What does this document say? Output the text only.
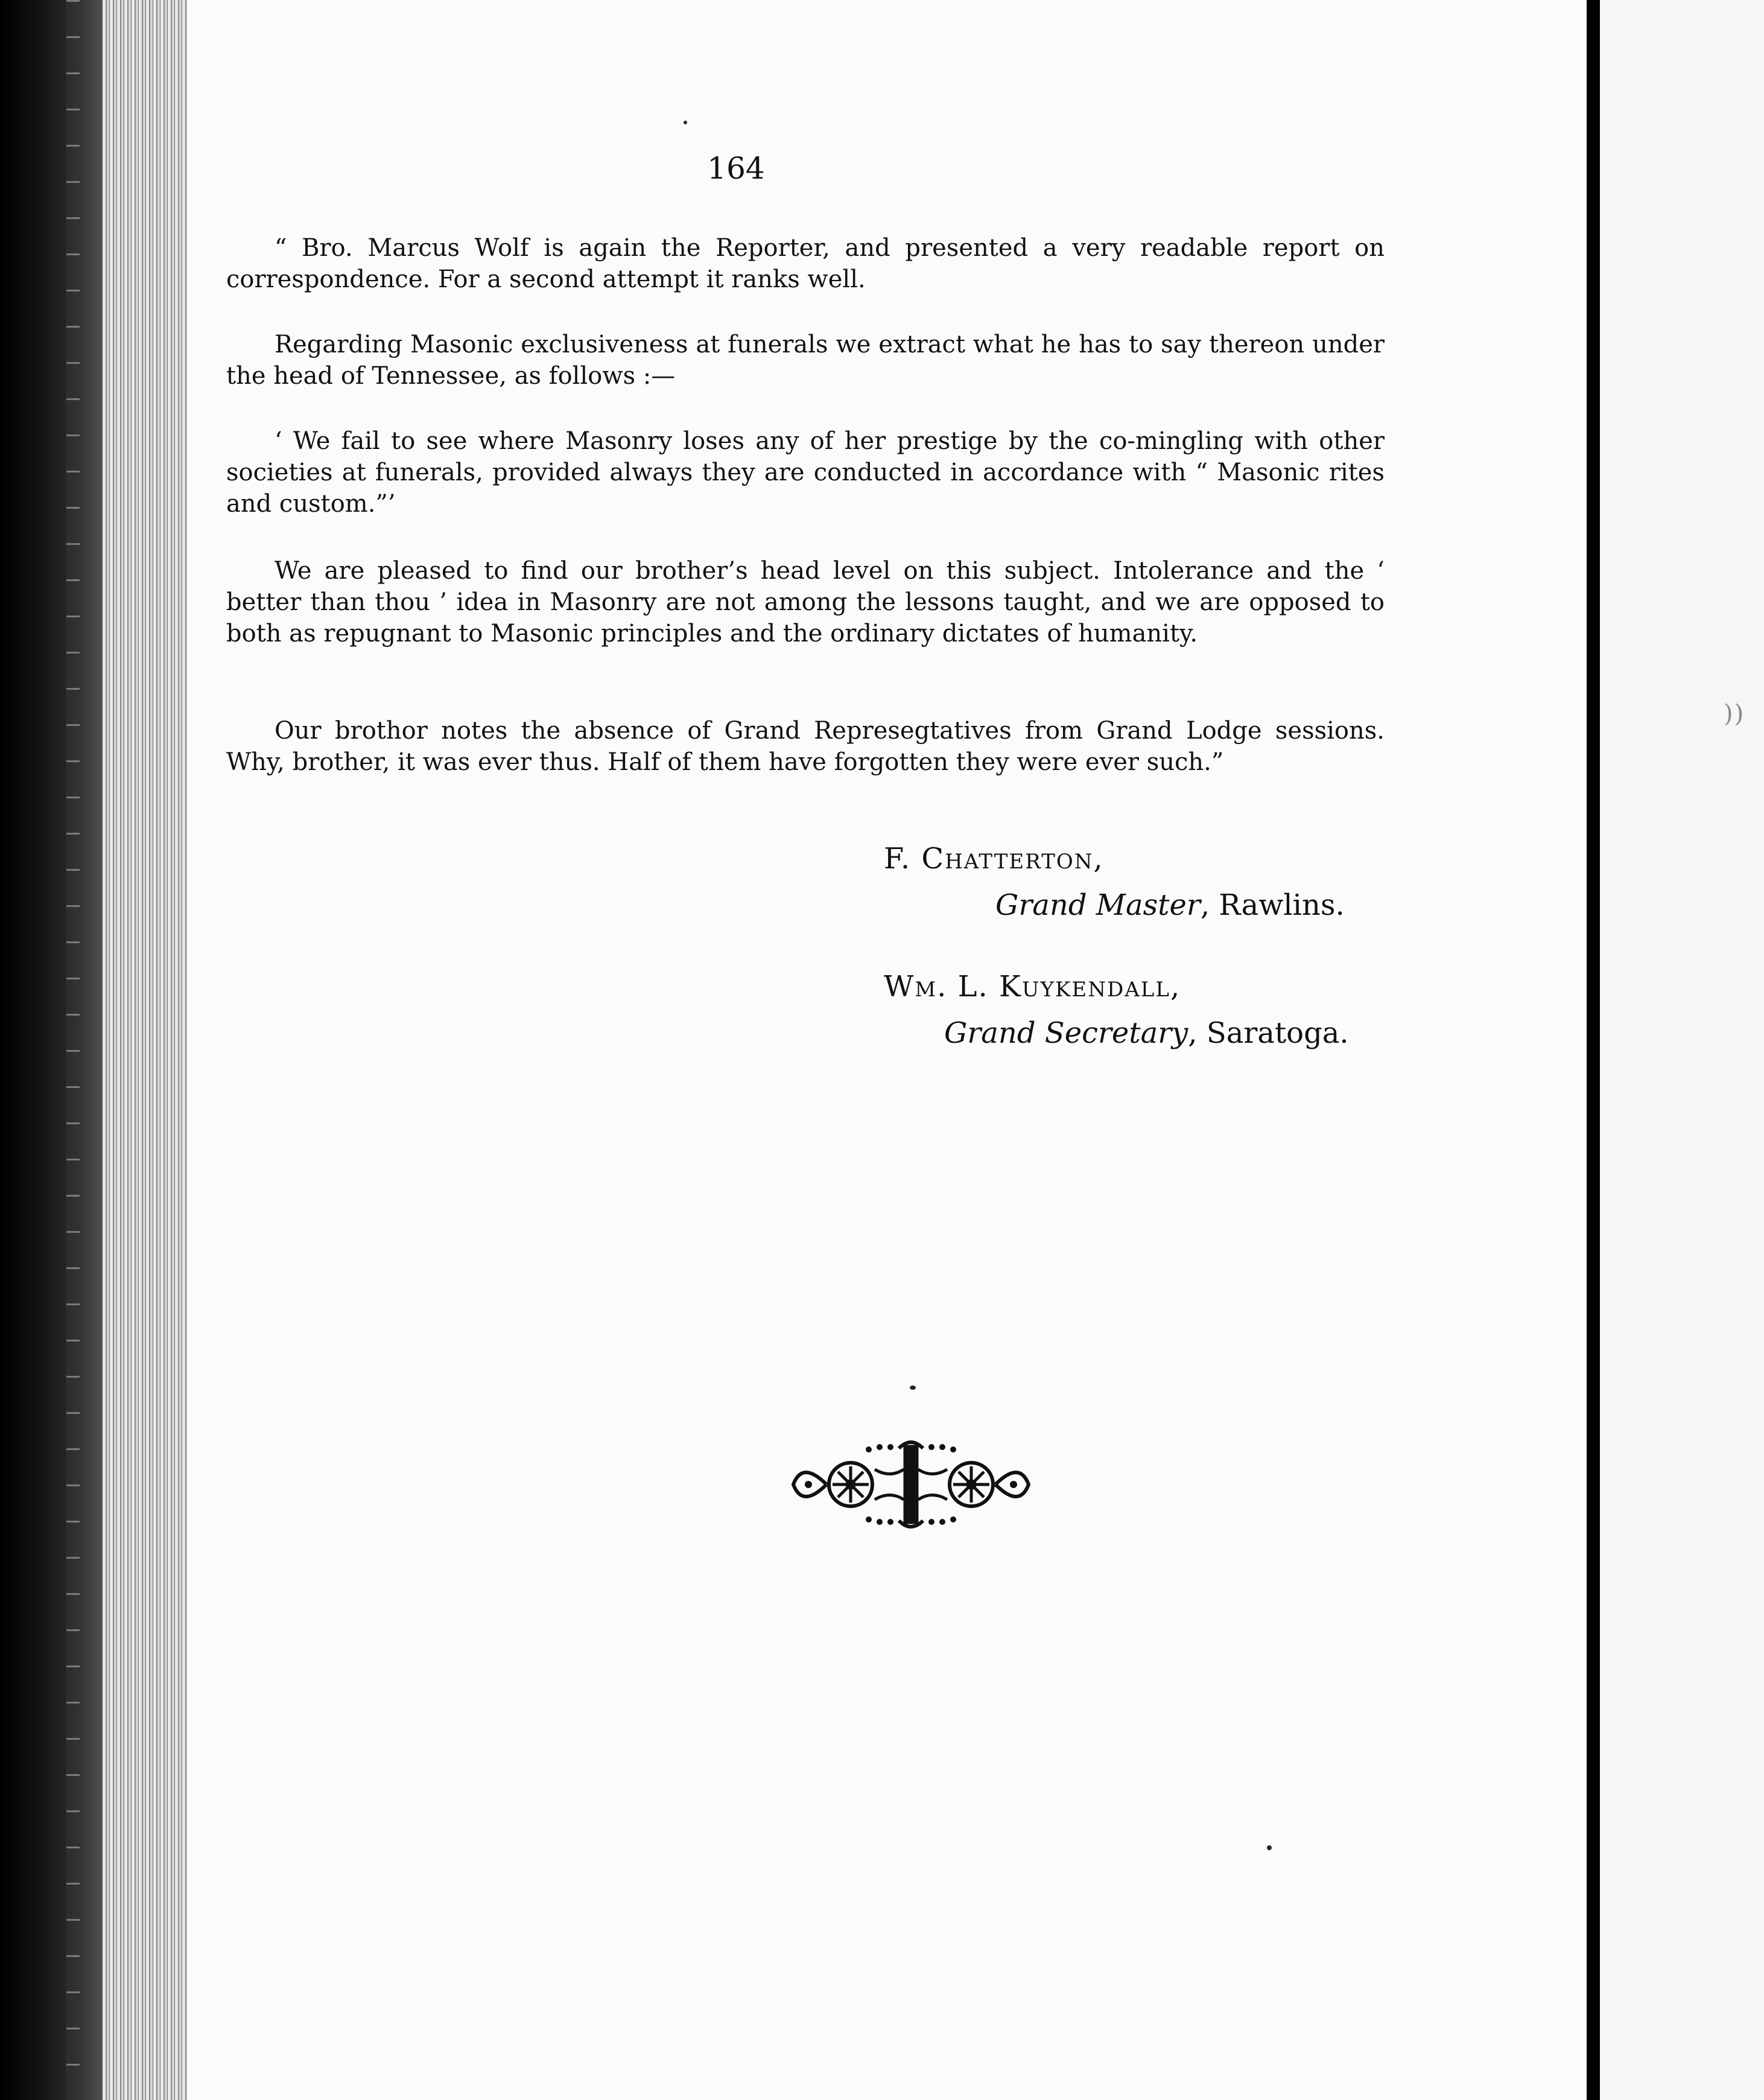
164

“ Bro. Marcus Wolf is again the Reporter, and presented a very readable report on correspondence. For a second attempt it ranks well.

Regarding Masonic exclusiveness at funerals we extract what he has to say thereon under the head of Tennessee, as follows :—

‘ We fail to see where Masonry loses any of her prestige by the co-mingling with other societies at funerals, provided always they are conducted in accordance with “ Masonic rites and custom.”’

We are pleased to find our brother’s head level on this subject. Intolerance and the ‘ better than thou ’ idea in Masonry are not among the lessons taught, and we are opposed to both as repugnant to Masonic principles and the ordinary dictates of humanity.

Our brothor notes the absence of Grand Represegtatives from Grand Lodge sessions. Why, brother, it was ever thus. Half of them have forgotten they were ever such.”

F. Chatterton,
Grand Master, Rawlins.
Wm. L. Kuykendall,
Grand Secretary, Saratoga.
))
